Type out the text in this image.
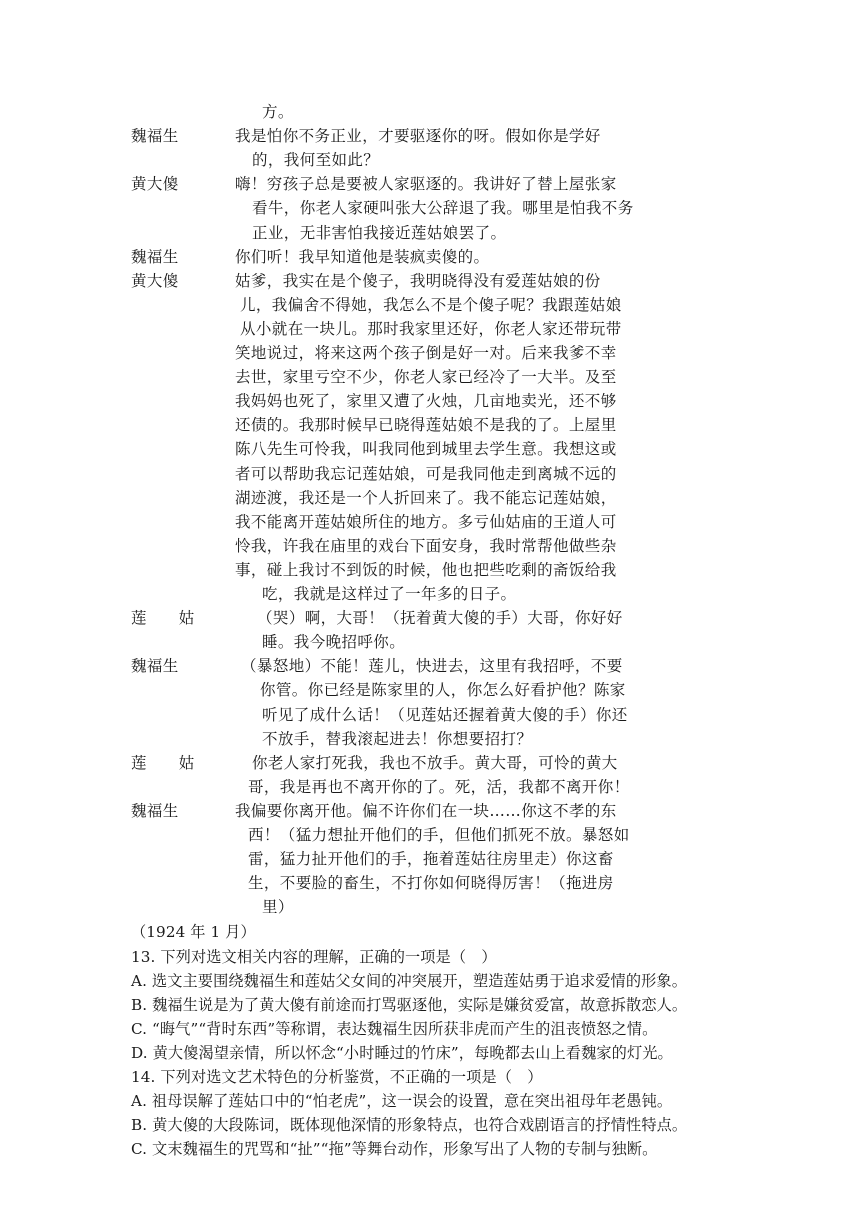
方。
魏福生	我是怕你不务正业，才要驱逐你的呀。假如你是学好
的，我何至如此？
黄大傻	嗨！穷孩子总是要被人家驱逐的。我讲好了替上屋张家
看牛，你老人家硬叫张大公辞退了我。哪里是怕我不务
正业，无非害怕我接近莲姑娘罢了。
魏福生	你们听！我早知道他是装疯卖傻的。
黄大傻	姑爹，我实在是个傻子，我明晓得没有爱莲姑娘的份
儿，我偏舍不得她，我怎么不是个傻子呢？我跟莲姑娘
从小就在一块儿。那时我家里还好，你老人家还带玩带
笑地说过，将来这两个孩子倒是好一对。后来我爹不幸
去世，家里亏空不少，你老人家已经冷了一大半。及至
我妈妈也死了，家里又遭了火烛，几亩地卖光，还不够
还债的。我那时候早已晓得莲姑娘不是我的了。上屋里
陈八先生可怜我，叫我同他到城里去学生意。我想这或
者可以帮助我忘记莲姑娘，可是我同他走到离城不远的
湖迹渡，我还是一个人折回来了。我不能忘记莲姑娘，
我不能离开莲姑娘所住的地方。多亏仙姑庙的王道人可
怜我，许我在庙里的戏台下面安身，我时常帮他做些杂
事，碰上我讨不到饭的时候，他也把些吃剩的斋饭给我
吃，我就是这样过了一年多的日子。
莲　　姑	（哭）啊，大哥！（抚着黄大傻的手）大哥，你好好
睡。我今晚招呼你。
魏福生	（暴怒地）不能！莲儿，快进去，这里有我招呼，不要
你管。你已经是陈家里的人，你怎么好看护他？陈家
听见了成什么话！（见莲姑还握着黄大傻的手）你还
不放手，替我滚起进去！你想要招打？
莲　　姑	你老人家打死我，我也不放手。黄大哥，可怜的黄大
哥，我是再也不离开你的了。死，活，我都不离开你！
魏福生	我偏要你离开他。偏不许你们在一块……你这不孝的东
西！（猛力想扯开他们的手，但他们抓死不放。暴怒如
雷，猛力扯开他们的手，拖着莲姑往房里走）你这畜
生，不要脸的畜生，不打你如何晓得厉害！（拖进房
里）
（1924 年 1 月）
13. 下列对选文相关内容的理解，正确的一项是（　）
A. 选文主要围绕魏福生和莲姑父女间的冲突展开，塑造莲姑勇于追求爱情的形象。
B. 魏福生说是为了黄大傻有前途而打骂驱逐他，实际是嫌贫爱富，故意拆散恋人。
C. “晦气”“背时东西”等称谓，表达魏福生因所获非虎而产生的沮丧愤怒之情。
D. 黄大傻渴望亲情，所以怀念“小时睡过的竹床”，每晚都去山上看魏家的灯光。
14. 下列对选文艺术特色的分析鉴赏，不正确的一项是（　）
A. 祖母误解了莲姑口中的“怕老虎”，这一误会的设置，意在突出祖母年老愚钝。
B. 黄大傻的大段陈词，既体现他深情的形象特点，也符合戏剧语言的抒情性特点。
C. 文末魏福生的咒骂和“扯”“拖”等舞台动作，形象写出了人物的专制与独断。
